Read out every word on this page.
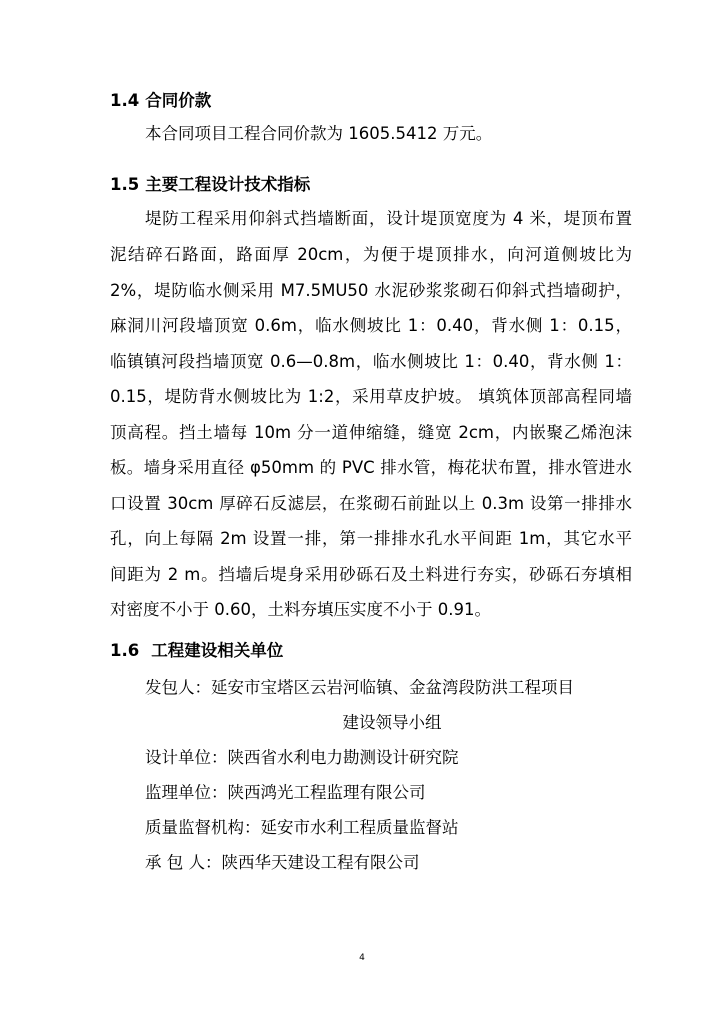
1.4 合同价款
本合同项目工程合同价款为 1605.5412 万元。
1.5 主要工程设计技术指标
堤防工程采用仰斜式挡墙断面，设计堤顶宽度为 4 米，堤顶布置
泥结碎石路面，路面厚 20cm，为便于堤顶排水，向河道侧坡比为
2%，堤防临水侧采用 M7.5MU50 水泥砂浆浆砌石仰斜式挡墙砌护，
麻洞川河段墙顶宽 0.6m，临水侧坡比 1：0.40，背水侧 1：0.15，
临镇镇河段挡墙顶宽 0.6—0.8m，临水侧坡比 1：0.40，背水侧 1：
0.15，堤防背水侧坡比为 1:2，采用草皮护坡。 填筑体顶部高程同墙
顶高程。挡土墙每 10m 分一道伸缩缝，缝宽 2cm，内嵌聚乙烯泡沫
板。墙身采用直径 φ50mm 的 PVC 排水管，梅花状布置，排水管进水
口设置 30cm 厚碎石反滤层，在浆砌石前趾以上 0.3m 设第一排排水
孔，向上每隔 2m 设置一排，第一排排水孔水平间距 1m，其它水平
间距为 2 m。挡墙后堤身采用砂砾石及土料进行夯实，砂砾石夯填相
对密度不小于 0.60，土料夯填压实度不小于 0.91。
1.6 工程建设相关单位
发包人：延安市宝塔区云岩河临镇、金盆湾段防洪工程项目
建设领导小组
设计单位：陕西省水利电力勘测设计研究院
监理单位：陕西鸿光工程监理有限公司
质量监督机构：延安市水利工程质量监督站
承 包 人：陕西华天建设工程有限公司
4
